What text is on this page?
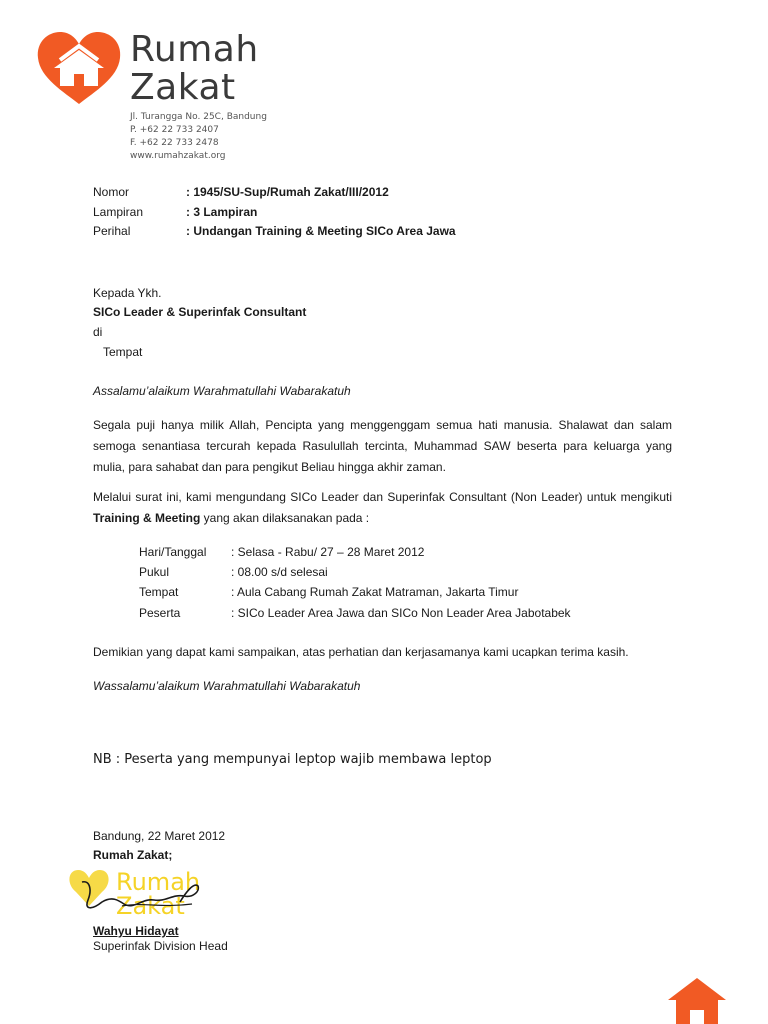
Rumah
Zakat
Jl. Turangga No. 25C, Bandung
P. +62 22 733 2407
F. +62 22 733 2478
www.rumahzakat.org
Nomor	: 1945/SU-Sup/Rumah Zakat/III/2012
Lampiran	: 3 Lampiran
Perihal	: Undangan Training & Meeting SICo Area Jawa
Kepada Ykh.
SICo Leader & Superinfak Consultant
di
Tempat
Assalamu’alaikum Warahmatullahi Wabarakatuh
Segala puji hanya milik Allah, Pencipta yang menggenggam semua hati manusia. Shalawat dan salam semoga senantiasa tercurah kepada Rasulullah tercinta, Muhammad SAW beserta para keluarga yang mulia, para sahabat dan para pengikut Beliau hingga akhir zaman.
Melalui surat ini, kami mengundang SICo Leader dan Superinfak Consultant (Non Leader) untuk mengikuti Training & Meeting yang akan dilaksanakan pada :
Hari/Tanggal : Selasa - Rabu/ 27 – 28 Maret 2012
Pukul	: 08.00 s/d selesai
Tempat	: Aula Cabang Rumah Zakat Matraman, Jakarta Timur
Peserta	: SICo Leader Area Jawa dan SICo Non Leader Area Jabotabek
Demikian yang dapat kami sampaikan, atas perhatian dan kerjasamanya kami ucapkan terima kasih.
Wassalamu’alaikum Warahmatullahi Wabarakatuh
NB : Peserta yang mempunyai leptop wajib membawa leptop
Bandung, 22 Maret 2012
Rumah Zakat;
Rumah
Zakat
Wahyu Hidayat
Superinfak Division Head
